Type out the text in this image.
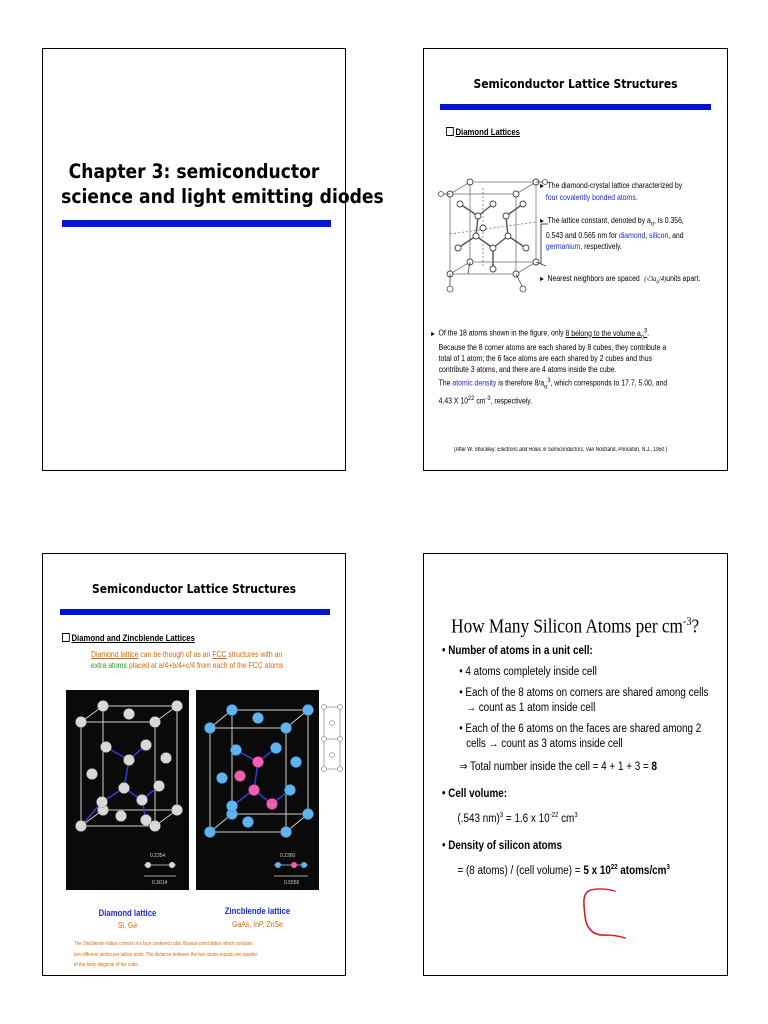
Chapter 3: semiconductor
science and light emitting diodes
Semiconductor Lattice Structures
Diamond Lattices
► The diamond-crystal lattice characterized by
four covalently bonded atoms.
► The lattice constant, denoted by $a_o$, is 0.356,
0.543 and 0.565 nm for diamond, silicon, and
germanium, respectively.
► Nearest neighbors are spaced $(√3a_o/4)units$ apart.
► Of the 18 atoms shown in the figure, only 8 belong to the volume $a_o^3$.
Because the 8 corner atoms are each shared by 8 cubes, they contribute a
total of 1 atom; the 6 face atoms are each shared by 2 cubes and thus
contribute 3 atoms, and there are 4 atoms inside the cube.
The atomic density is therefore $8/a_o^3$, which corresponds to 17.7, 5.00, and
4.43 X $10^{22}$ $cm^{-3}$, respectively.
(After W. Shockley: Electrons and Holes in Semiconductors, Van Nostrand, Princeton, N.J., 1950.)
Semiconductor Lattice Structures
Diamond and Zincblende Lattices
Diamond lattice can be though of as an FCC structures with an
extra atoms placed at a/4+b/4+c/4 from each of the FCC atoms
0.2354
0.3014
0.2360
0.5556
Diamond lattice
Si, Ge
Zincblende lattice
GaAs, InP, ZnSe
The Zincblende lattice consist of a face centered cubic Bravais point lattice which contains
two different atoms per lattice point. The distance between the two atoms equals one quarter
of the body diagonal of the cube.
How Many Silicon Atoms per $cm^{-3}$?
• Number of atoms in a unit cell:
• 4 atoms completely inside cell
• Each of the 8 atoms on corners are shared among cells
→ count as 1 atom inside cell
• Each of the 6 atoms on the faces are shared among 2
cells → count as 3 atoms inside cell
⇒ Total number inside the cell = 4 + 1 + 3 = 8
• Cell volume:
(.543 nm)$^3$ = 1.6 x $10^{-22}$ $cm^3$
• Density of silicon atoms
= (8 atoms) / (cell volume) = 5 x $10^{22}$ atoms/$cm^3$
